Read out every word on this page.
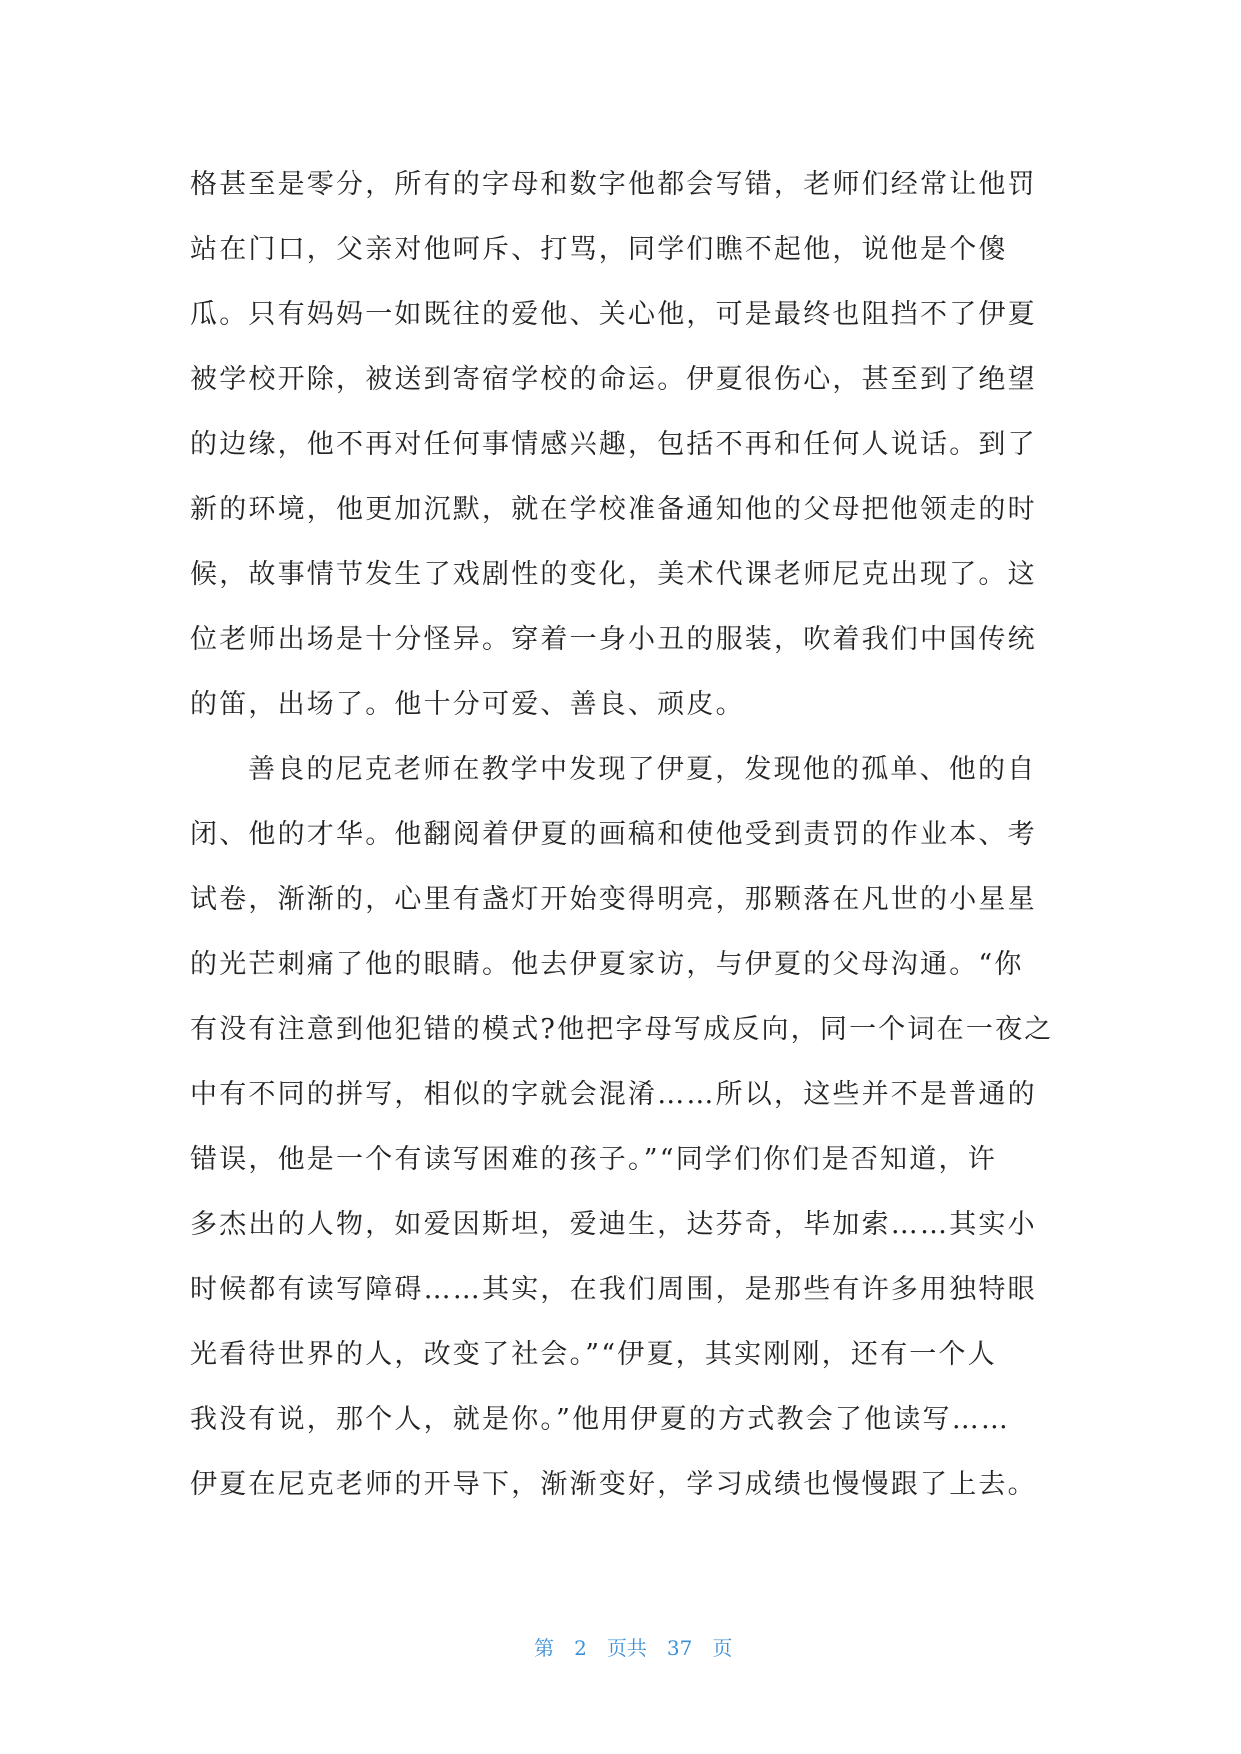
格甚至是零分，所有的字母和数字他都会写错，老师们经常让他罚
站在门口，父亲对他呵斥、打骂，同学们瞧不起他，说他是个傻
瓜。只有妈妈一如既往的爱他、关心他，可是最终也阻挡不了伊夏
被学校开除，被送到寄宿学校的命运。伊夏很伤心，甚至到了绝望
的边缘，他不再对任何事情感兴趣，包括不再和任何人说话。到了
新的环境，他更加沉默，就在学校准备通知他的父母把他领走的时
候，故事情节发生了戏剧性的变化，美术代课老师尼克出现了。这
位老师出场是十分怪异。穿着一身小丑的服装，吹着我们中国传统
的笛，出场了。他十分可爱、善良、顽皮。
善良的尼克老师在教学中发现了伊夏，发现他的孤单、他的自
闭、他的才华。他翻阅着伊夏的画稿和使他受到责罚的作业本、考
试卷，渐渐的，心里有盏灯开始变得明亮，那颗落在凡世的小星星
的光芒刺痛了他的眼睛。他去伊夏家访，与伊夏的父母沟通。“你
有没有注意到他犯错的模式?他把字母写成反向，同一个词在一夜之
中有不同的拼写，相似的字就会混淆……所以，这些并不是普通的
错误，他是一个有读写困难的孩子。”“同学们你们是否知道，许
多杰出的人物，如爱因斯坦，爱迪生，达芬奇，毕加索……其实小
时候都有读写障碍……其实，在我们周围，是那些有许多用独特眼
光看待世界的人，改变了社会。”“伊夏，其实刚刚，还有一个人
我没有说，那个人，就是你。”他用伊夏的方式教会了他读写……
伊夏在尼克老师的开导下，渐渐变好，学习成绩也慢慢跟了上去。

第 2 页共 37 页
